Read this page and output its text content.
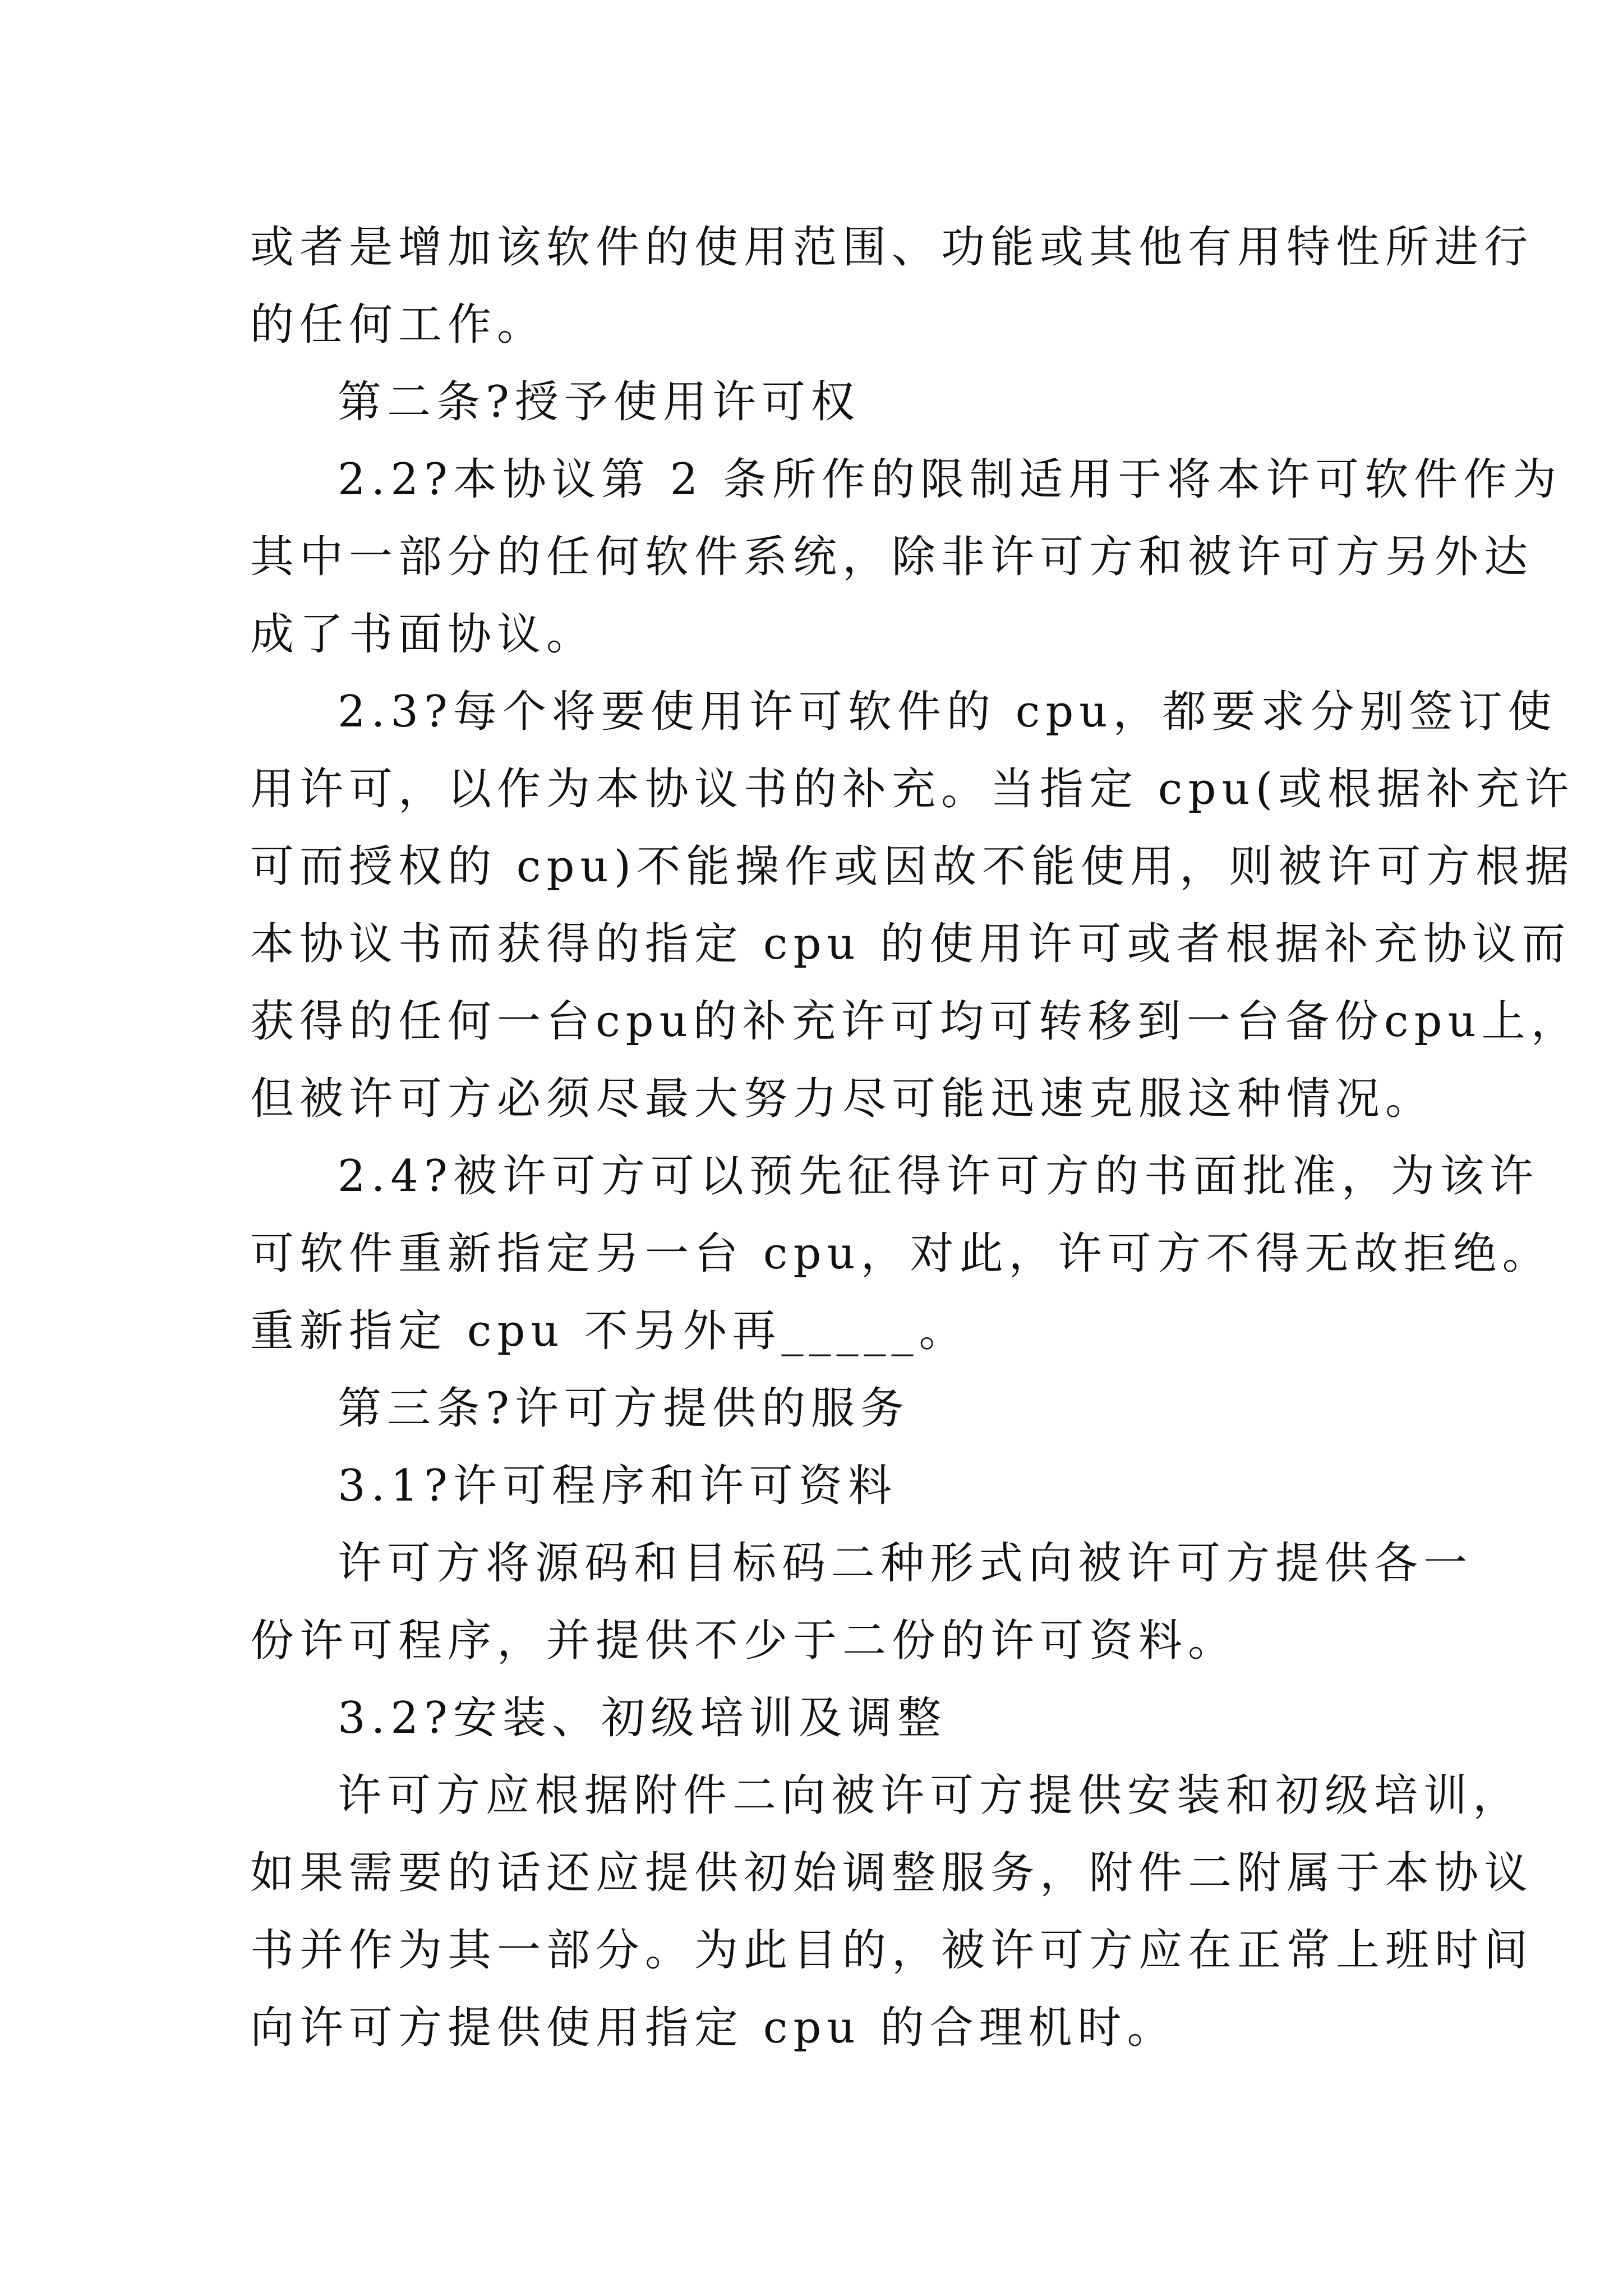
或者是增加该软件的使用范围、功能或其他有用特性所进行
的任何工作。
第二条?授予使用许可权
2.2?本协议第 2 条所作的限制适用于将本许可软件作为
其中一部分的任何软件系统，除非许可方和被许可方另外达
成了书面协议。
2.3?每个将要使用许可软件的 cpu，都要求分别签订使
用许可，以作为本协议书的补充。当指定 cpu(或根据补充许
可而授权的 cpu)不能操作或因故不能使用，则被许可方根据
本协议书而获得的指定 cpu 的使用许可或者根据补充协议而
获得的任何一台cpu的补充许可均可转移到一台备份cpu上，
但被许可方必须尽最大努力尽可能迅速克服这种情况。
2.4?被许可方可以预先征得许可方的书面批准，为该许
可软件重新指定另一台 cpu，对此，许可方不得无故拒绝。
重新指定 cpu 不另外再_____。
第三条?许可方提供的服务
3.1?许可程序和许可资料
许可方将源码和目标码二种形式向被许可方提供各一
份许可程序，并提供不少于二份的许可资料。
3.2?安装、初级培训及调整
许可方应根据附件二向被许可方提供安装和初级培训，
如果需要的话还应提供初始调整服务，附件二附属于本协议
书并作为其一部分。为此目的，被许可方应在正常上班时间
向许可方提供使用指定 cpu 的合理机时。
